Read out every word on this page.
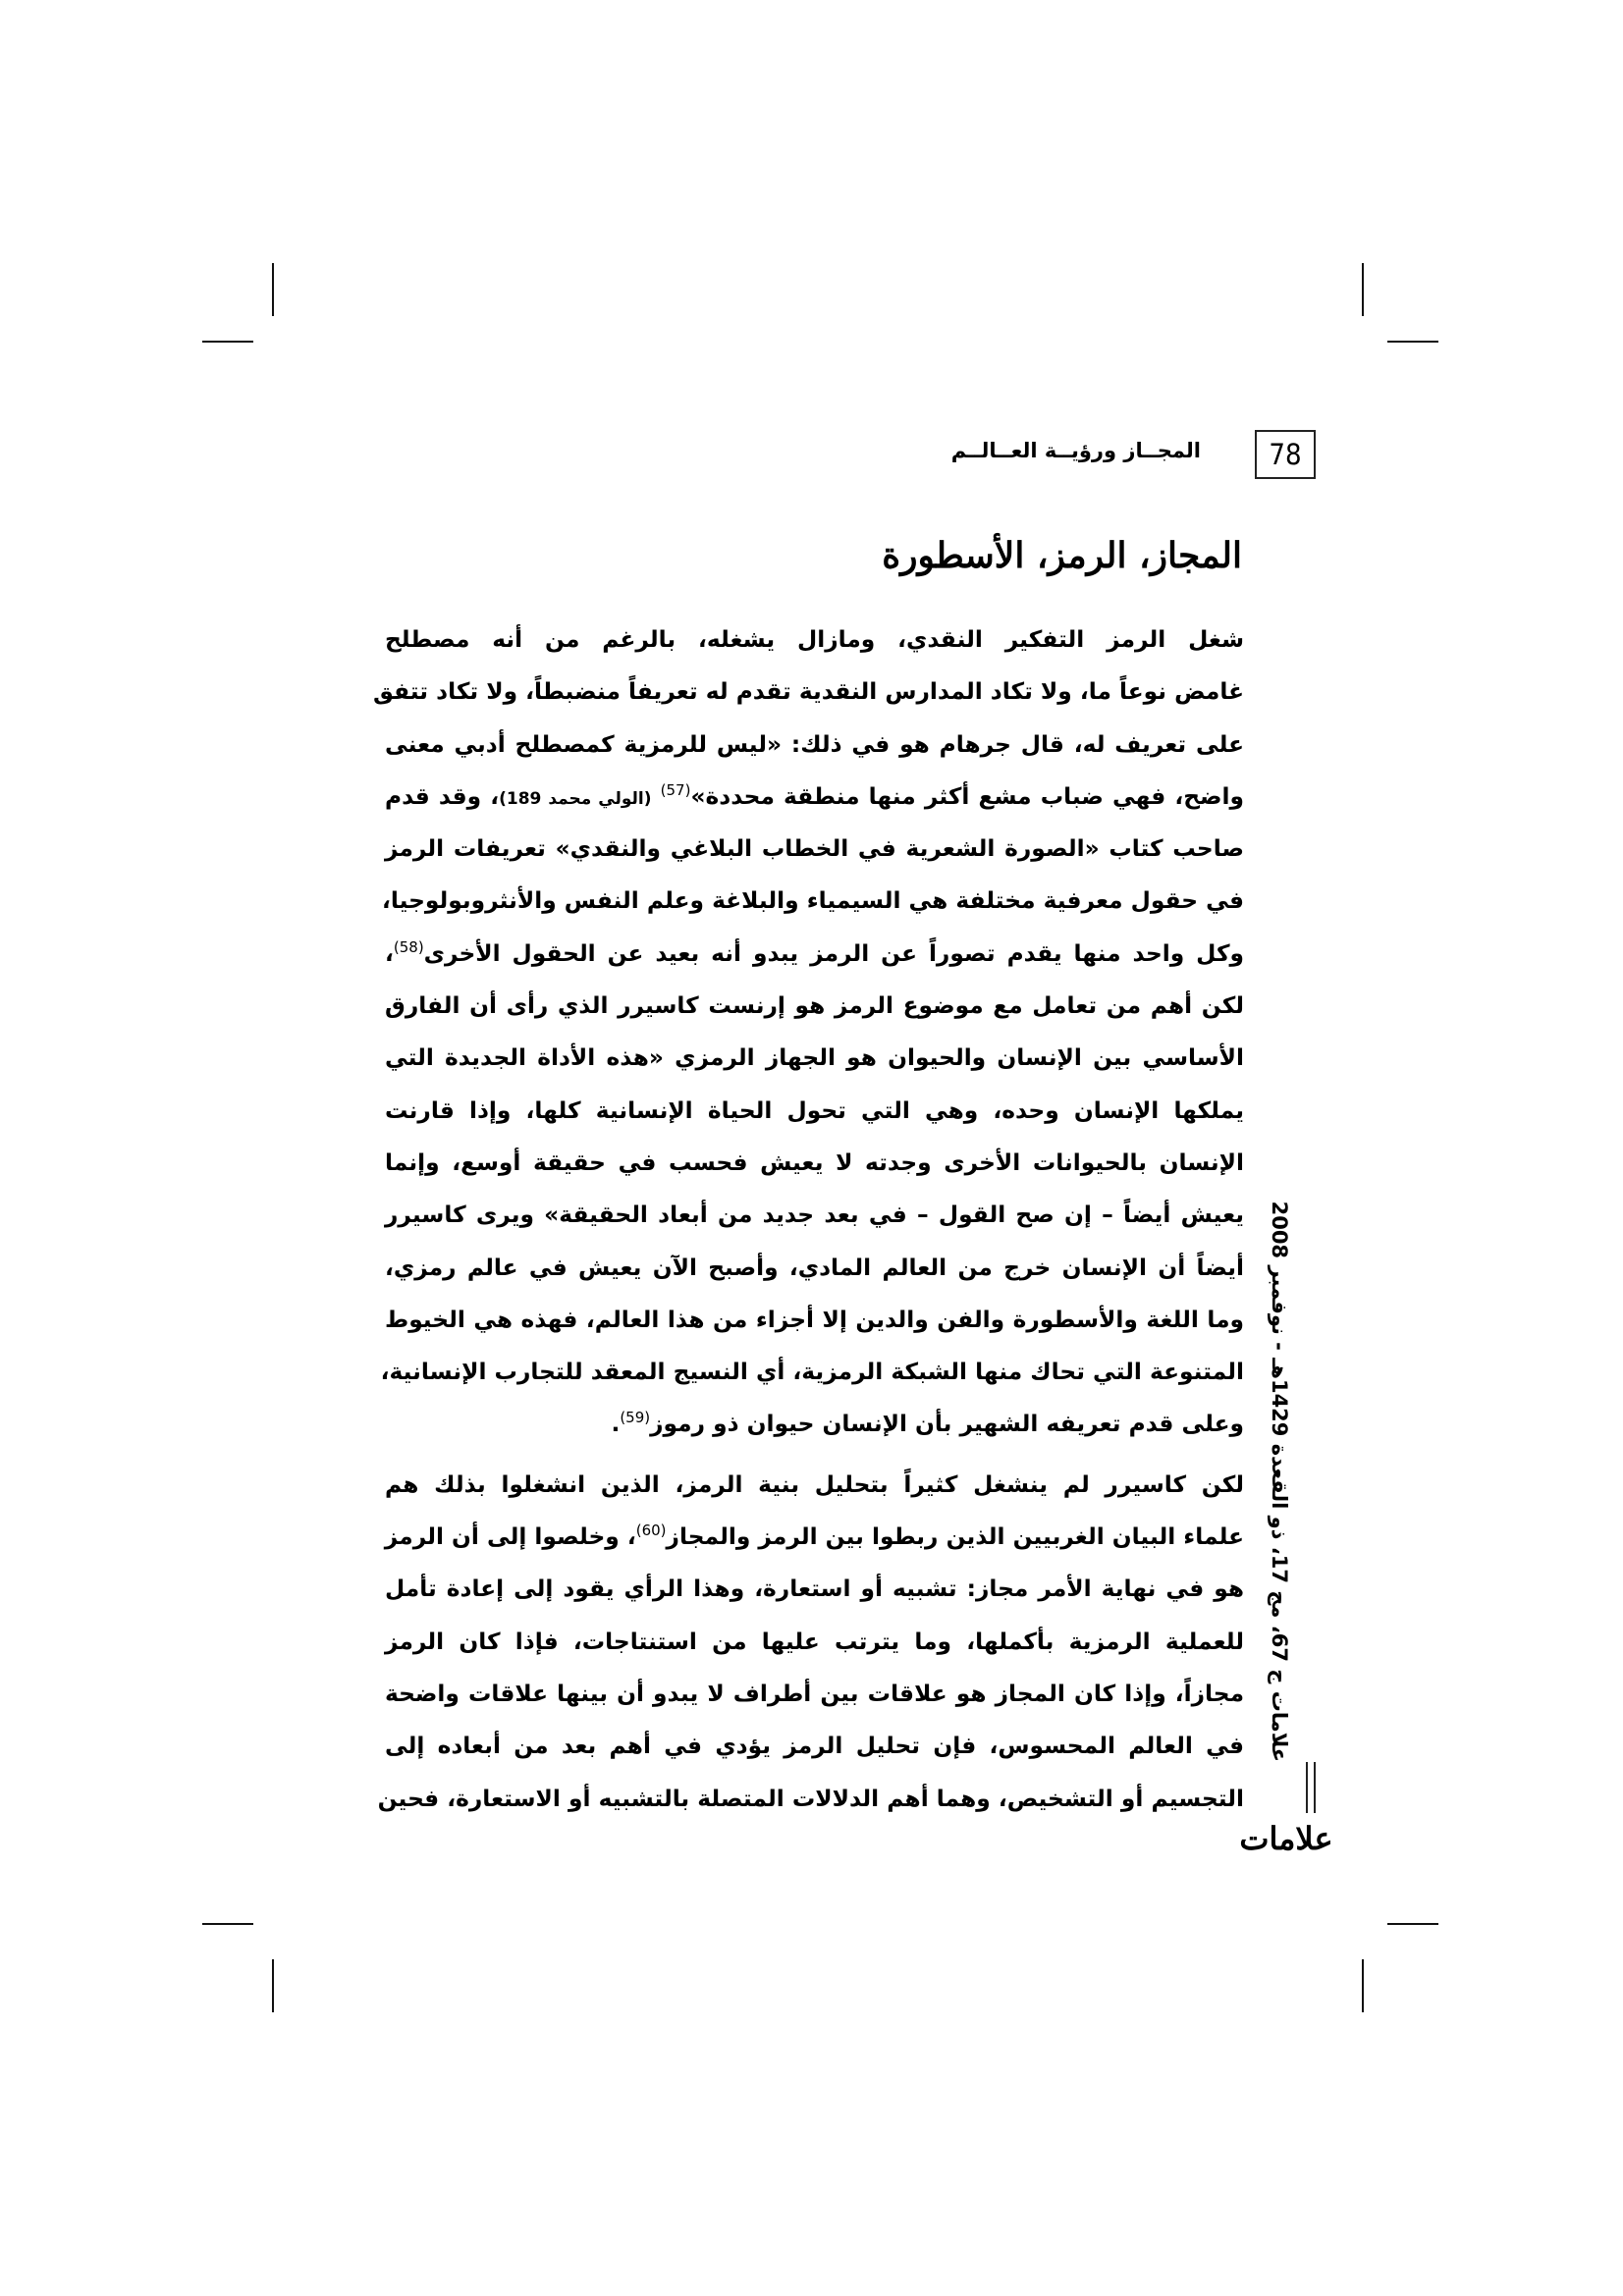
78
المجــاز ورؤيــة العــالــم
المجاز، الرمز، الأسطورة
شغل الرمز التفكير النقدي، ومازال يشغله، بالرغم من أنه مصطلح
غامض نوعاً ما، ولا تكاد المدارس النقدية تقدم له تعريفاً منضبطاً، ولا تكاد تتفق
على تعريف له، قال جرهام هو في ذلك: «ليس للرمزية كمصطلح أدبي معنى
واضح، فهي ضباب مشع أكثر منها منطقة محددة»$^{(57)}$ (الولي محمد 189)، وقد قدم
صاحب كتاب «الصورة الشعرية في الخطاب البلاغي والنقدي» تعريفات الرمز
في حقول معرفية مختلفة هي السيمياء والبلاغة وعلم النفس والأنثروبولوجيا،
وكل واحد منها يقدم تصوراً عن الرمز يبدو أنه بعيد عن الحقول الأخرى$^{(58)}$،
لكن أهم من تعامل مع موضوع الرمز هو إرنست كاسيرر الذي رأى أن الفارق
الأساسي بين الإنسان والحيوان هو الجهاز الرمزي «هذه الأداة الجديدة التي
يملكها الإنسان وحده، وهي التي تحول الحياة الإنسانية كلها، وإذا قارنت
الإنسان بالحيوانات الأخرى وجدته لا يعيش فحسب في حقيقة أوسع، وإنما
يعيش أيضاً – إن صح القول – في بعد جديد من أبعاد الحقيقة» ويرى كاسيرر
أيضاً أن الإنسان خرج من العالم المادي، وأصبح الآن يعيش في عالم رمزي،
وما اللغة والأسطورة والفن والدين إلا أجزاء من هذا العالم، فهذه هي الخيوط
المتنوعة التي تحاك منها الشبكة الرمزية، أي النسيج المعقد للتجارب الإنسانية،
وعلى قدم تعريفه الشهير بأن الإنسان حيوان ذو رموز$^{(59)}$.
لكن كاسيرر لم ينشغل كثيراً بتحليل بنية الرمز، الذين انشغلوا بذلك هم
علماء البيان الغربيين الذين ربطوا بين الرمز والمجاز$^{(60)}$، وخلصوا إلى أن الرمز
هو في نهاية الأمر مجاز: تشبيه أو استعارة، وهذا الرأي يقود إلى إعادة تأمل
للعملية الرمزية بأكملها، وما يترتب عليها من استنتاجات، فإذا كان الرمز
مجازاً، وإذا كان المجاز هو علاقات بين أطراف لا يبدو أن بينها علاقات واضحة
في العالم المحسوس، فإن تحليل الرمز يؤدي في أهم بعد من أبعاده إلى
التجسيم أو التشخيص، وهما أهم الدلالات المتصلة بالتشبيه أو الاستعارة، فحين
علامات ج 67، مج 17، ذو القعدة 1429هـ - نوفمبر 2008
علامات
